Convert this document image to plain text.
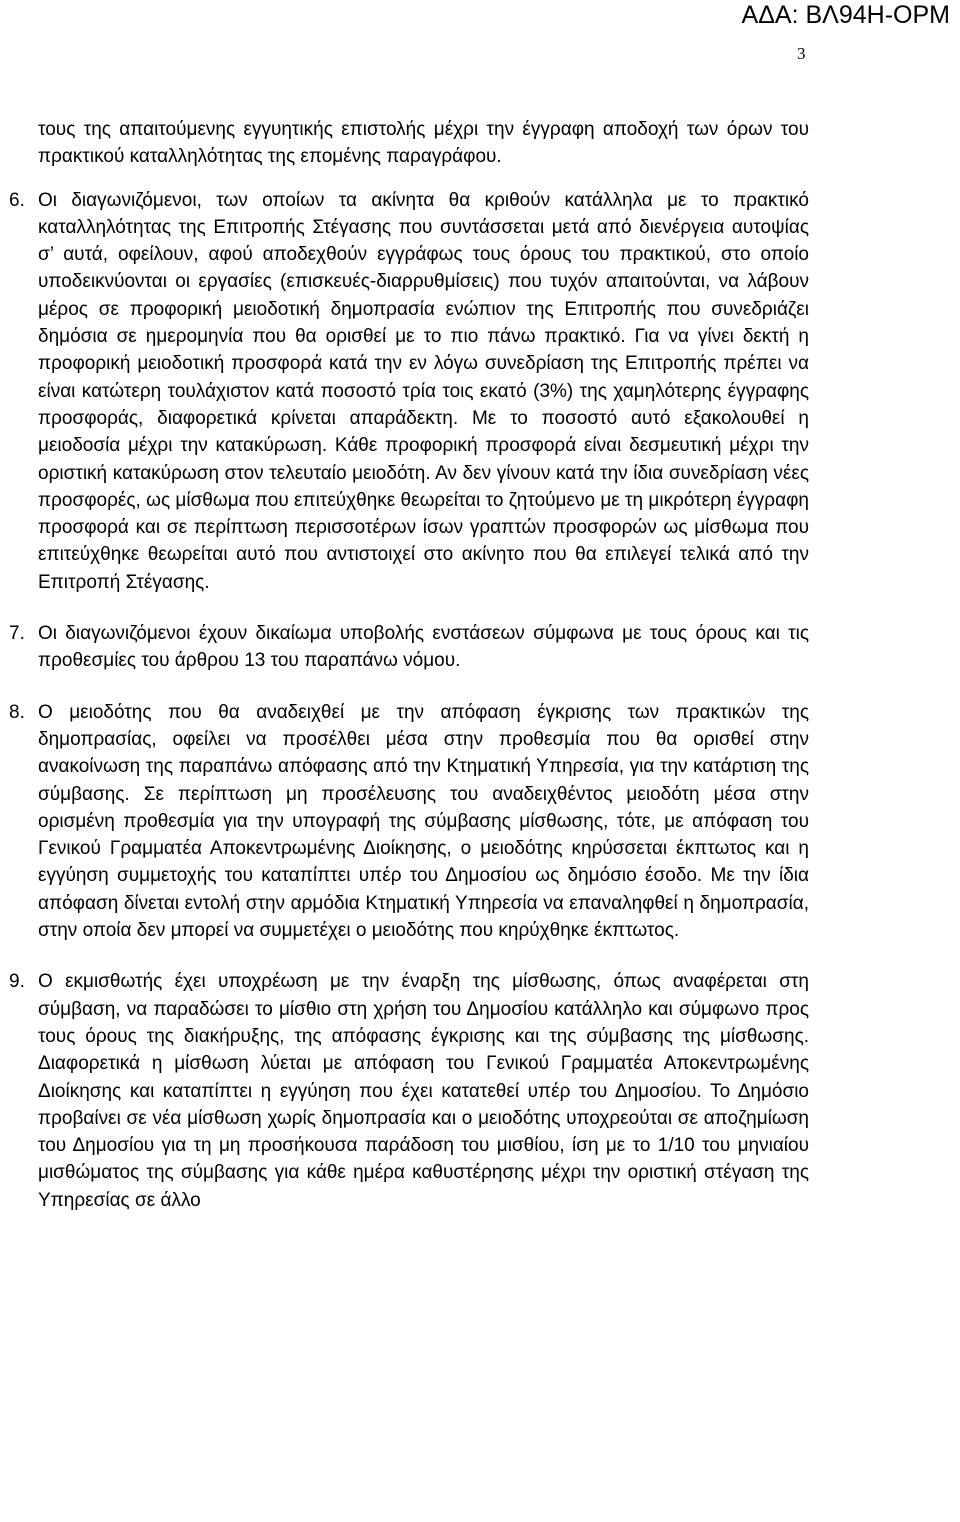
ΑΔΑ: ΒΛ94Η-ΟΡΜ
3

τους της απαιτούμενης εγγυητικής επιστολής μέχρι την έγγραφη αποδοχή των όρων του πρακτικού καταλληλότητας της επομένης παραγράφου.

6. Οι διαγωνιζόμενοι, των οποίων τα ακίνητα θα κριθούν κατάλληλα με το πρακτικό καταλληλότητας της Επιτροπής Στέγασης που συντάσσεται μετά από διενέργεια αυτοψίας σ’ αυτά, οφείλουν, αφού αποδεχθούν εγγράφως τους όρους του πρακτικού, στο οποίο υποδεικνύονται οι εργασίες (επισκευές-διαρρυθμίσεις) που τυχόν απαιτούνται, να λάβουν μέρος σε προφορική μειοδοτική δημοπρασία ενώπιον της Επιτροπής που συνεδριάζει δημόσια σε ημερομηνία που θα ορισθεί με το πιο πάνω πρακτικό. Για να γίνει δεκτή η προφορική μειοδοτική προσφορά κατά την εν λόγω συνεδρίαση της Επιτροπής πρέπει να είναι κατώτερη τουλάχιστον κατά ποσοστό τρία τοις εκατό (3%) της χαμηλότερης έγγραφης προσφοράς, διαφορετικά κρίνεται απαράδεκτη. Με το ποσοστό αυτό εξακολουθεί η μειοδοσία μέχρι την κατακύρωση. Κάθε προφορική προσφορά είναι δεσμευτική μέχρι την οριστική κατακύρωση στον τελευταίο μειοδότη. Αν δεν γίνουν κατά την ίδια συνεδρίαση νέες προσφορές, ως μίσθωμα που επιτεύχθηκε θεωρείται το ζητούμενο με τη μικρότερη έγγραφη προσφορά και σε περίπτωση περισσοτέρων ίσων γραπτών προσφορών ως μίσθωμα που επιτεύχθηκε θεωρείται αυτό που αντιστοιχεί στο ακίνητο που θα επιλεγεί τελικά από την Επιτροπή Στέγασης.
7. Οι διαγωνιζόμενοι έχουν δικαίωμα υποβολής ενστάσεων σύμφωνα με τους όρους και τις προθεσμίες του άρθρου 13 του παραπάνω νόμου.
8. Ο μειοδότης που θα αναδειχθεί με την απόφαση έγκρισης των πρακτικών της δημοπρασίας, οφείλει να προσέλθει μέσα στην προθεσμία που θα ορισθεί στην ανακοίνωση της παραπάνω απόφασης από την Κτηματική Υπηρεσία, για την κατάρτιση της σύμβασης. Σε περίπτωση μη προσέλευσης του αναδειχθέντος μειοδότη μέσα στην ορισμένη προθεσμία για την υπογραφή της σύμβασης μίσθωσης, τότε, με απόφαση του Γενικού Γραμματέα Αποκεντρωμένης Διοίκησης, ο μειοδότης κηρύσσεται έκπτωτος και η εγγύηση συμμετοχής του καταπίπτει υπέρ του Δημοσίου ως δημόσιο έσοδο. Με την ίδια απόφαση δίνεται εντολή στην αρμόδια Κτηματική Υπηρεσία να επαναληφθεί η δημοπρασία, στην οποία δεν μπορεί να συμμετέχει ο μειοδότης που κηρύχθηκε έκπτωτος.
9. Ο εκμισθωτής έχει υποχρέωση με την έναρξη της μίσθωσης, όπως αναφέρεται στη σύμβαση, να παραδώσει το μίσθιο στη χρήση του Δημοσίου κατάλληλο και σύμφωνο προς τους όρους της διακήρυξης, της απόφασης έγκρισης και της σύμβασης της μίσθωσης. Διαφορετικά η μίσθωση λύεται με απόφαση του Γενικού Γραμματέα Αποκεντρωμένης Διοίκησης και καταπίπτει η εγγύηση που έχει κατατεθεί υπέρ του Δημοσίου. Το Δημόσιο προβαίνει σε νέα μίσθωση χωρίς δημοπρασία και ο μειοδότης υποχρεούται σε αποζημίωση του Δημοσίου για τη μη προσήκουσα παράδοση του μισθίου, ίση με το 1/10 του μηνιαίου μισθώματος της σύμβασης για κάθε ημέρα καθυστέρησης μέχρι την οριστική στέγαση της Υπηρεσίας σε άλλο
